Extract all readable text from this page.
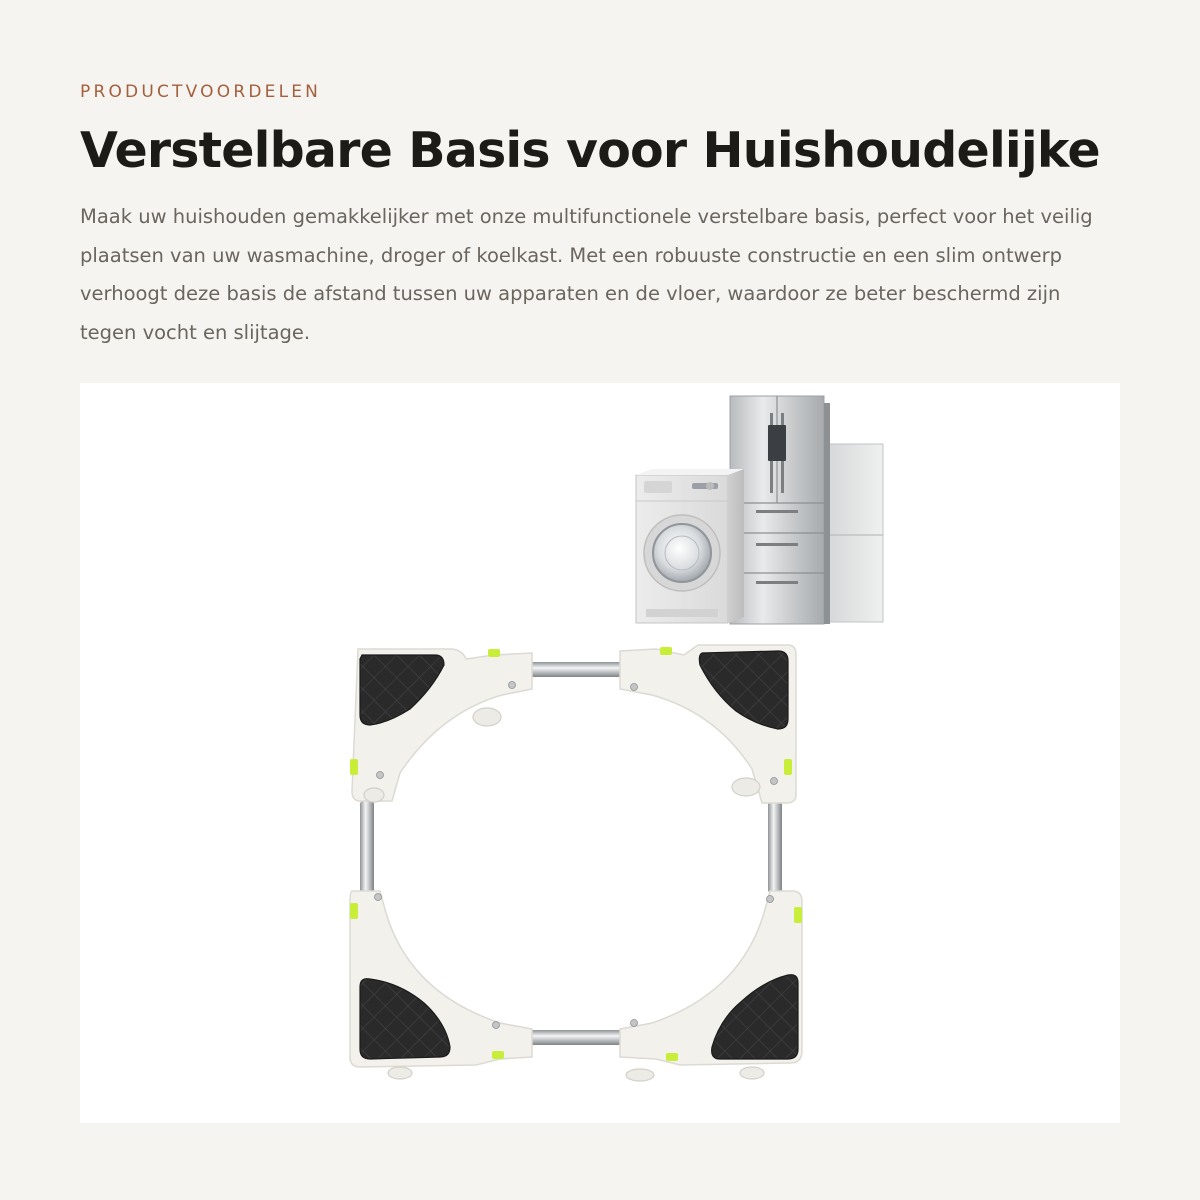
PRODUCTVOORDELEN
Verstelbare Basis voor Huishoudelijke

Maak uw huishouden gemakkelijker met onze multifunctionele verstelbare basis, perfect voor het veilig plaatsen van uw wasmachine, droger of koelkast. Met een robuuste constructie en een slim ontwerp verhoogt deze basis de afstand tussen uw apparaten en de vloer, waardoor ze beter beschermd zijn tegen vocht en slijtage.
